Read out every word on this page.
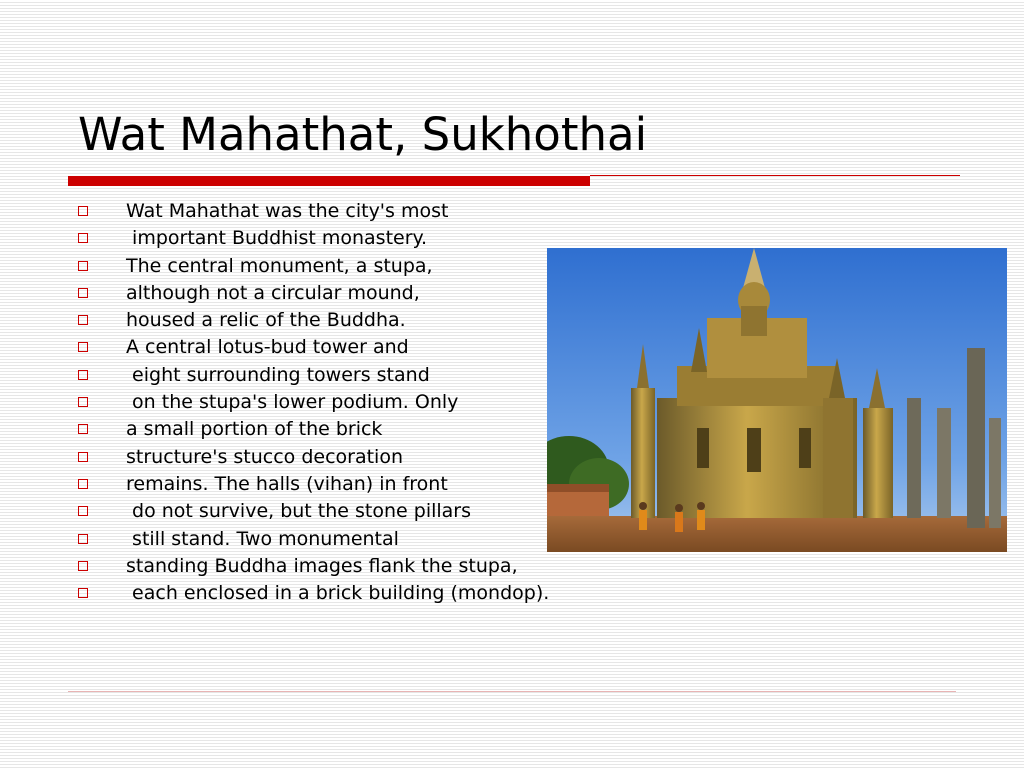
Wat Mahathat, Sukhothai
Wat Mahathat was the city's most
important Buddhist monastery.
The central monument, a stupa,
although not a circular mound,
housed a relic of the Buddha.
A central lotus-bud tower and
eight surrounding towers stand
on the stupa's lower podium. Only
a small portion of the brick
structure's stucco decoration
remains. The halls (vihan) in front
do not survive, but the stone pillars
still stand. Two monumental
standing Buddha images flank the stupa,
each enclosed in a brick building (mondop).
